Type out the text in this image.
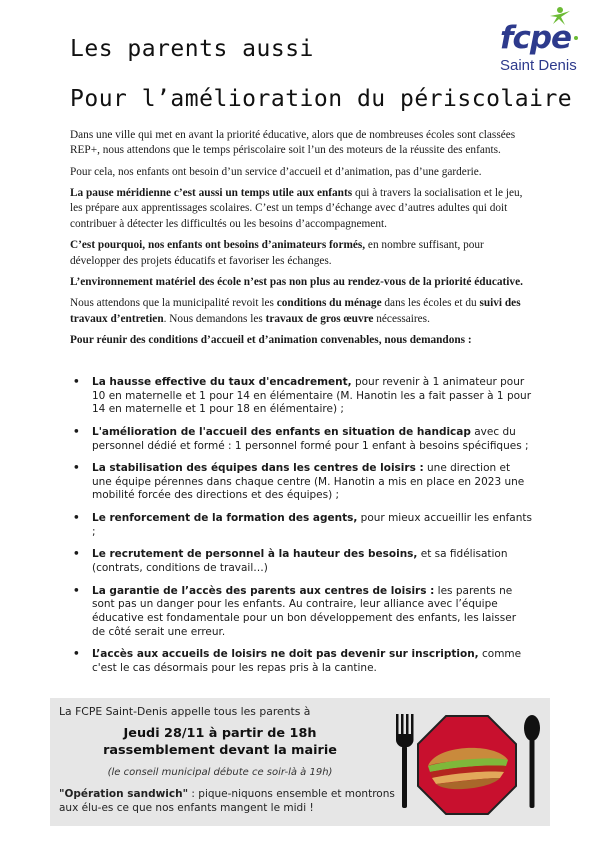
Les parents aussi
Pour l’amélioration du périscolaire
fcpe
Saint Denis

Dans une ville qui met en avant la priorité éducative, alors que de nombreuses écoles sont classées REP+, nous attendons que le temps périscolaire soit l’un des moteurs de la réussite des enfants.

Pour cela, nos enfants ont besoin d’un service d’accueil et d’animation, pas d’une garderie.

La pause méridienne c’est aussi un temps utile aux enfants qui à travers la socialisation et le jeu, les prépare aux apprentissages scolaires. C’est un temps d’échange avec d’autres adultes qui doit contribuer à détecter les difficultés ou les besoins d’accompagnement.

C’est pourquoi, nos enfants ont besoins d’animateurs formés, en nombre suffisant, pour développer des projets éducatifs et favoriser les échanges.

L’environnement matériel des école n’est pas non plus au rendez-vous de la priorité éducative.

Nous attendons que la municipalité revoit les conditions du ménage dans les écoles et du suivi des travaux d’entretien. Nous demandons les travaux de gros œuvre nécessaires.

Pour réunir des conditions d’accueil et d’animation convenables, nous demandons :

• La hausse effective du taux d'encadrement, pour revenir à 1 animateur pour 10 en maternelle et 1 pour 14 en élémentaire (M. Hanotin les a fait passer à 1 pour 14 en maternelle et 1 pour 18 en élémentaire) ;
• L'amélioration de l'accueil des enfants en situation de handicap avec du personnel dédié et formé : 1 personnel formé pour 1 enfant à besoins spécifiques ;
• La stabilisation des équipes dans les centres de loisirs : une direction et une équipe pérennes dans chaque centre (M. Hanotin a mis en place en 2023 une mobilité forcée des directions et des équipes) ;
• Le renforcement de la formation des agents, pour mieux accueillir les enfants ;
• Le recrutement de personnel à la hauteur des besoins, et sa fidélisation (contrats, conditions de travail…)
• La garantie de l’accès des parents aux centres de loisirs : les parents ne sont pas un danger pour les enfants. Au contraire, leur alliance avec l’équipe éducative est fondamentale pour un bon développement des enfants, les laisser de côté serait une erreur.
• L’accès aux accueils de loisirs ne doit pas devenir sur inscription, comme c'est le cas désormais pour les repas pris à la cantine.
La FCPE Saint-Denis appelle tous les parents à
Jeudi 28/11 à partir de 18h
rassemblement devant la mairie
(le conseil municipal débute ce soir-là à 19h)
"Opération sandwich" : pique-niquons ensemble et montrons aux élu-es ce que nos enfants mangent le midi !
